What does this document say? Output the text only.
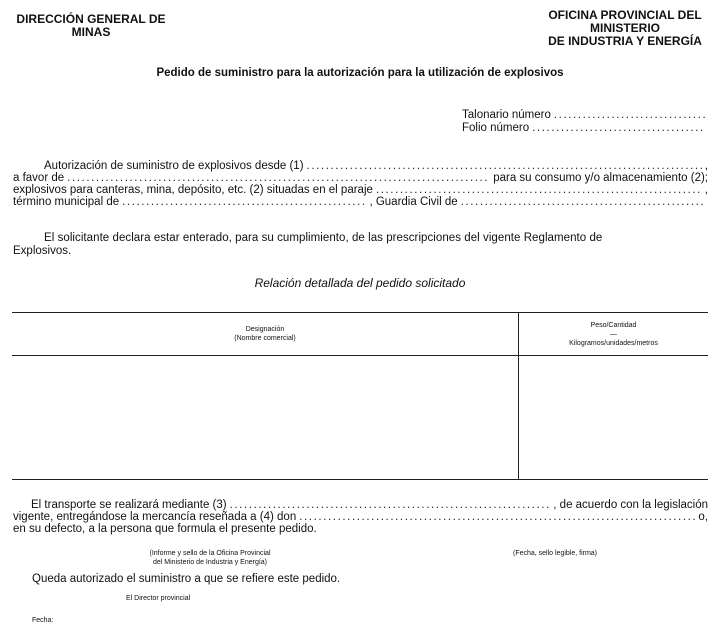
DIRECCIÓN GENERAL DE
MINAS
OFICINA PROVINCIAL DEL
MINISTERIO
DE INDUSTRIA Y ENERGÍA
Pedido de suministro para la autorización para la utilización de explosivos
Talonario número
.....
Folio número
.....
Autorización de suministro de explosivos desde (1) .....	,
a favor de .....	para su consumo y/o almacenamiento (2);
explosivos para canteras, mina, depósito, etc. (2) situadas en el paraje .....	,
término municipal de .....	, Guardia Civil de
.....
El solicitante declara estar enterado, para su cumplimiento, de las prescripciones del vigente Reglamento de
Explosivos.
Relación detallada del pedido solicitado
Designación
(Nombre comercial)
Peso/Cantidad
—
Kilogramos/unidades/metros
El transporte se realizará mediante (3) .....	, de acuerdo con la legislación
vigente, entregándose la mercancía reseñada a (4) don .....	o,
en su defecto, a la persona que formula el presente pedido.
(Informe y sello de la Oficina Provincial
del Ministerio de Industria y Energía)
(Fecha, sello legible, firma)
Queda autorizado el suministro a que se refiere este pedido.
El Director provincial
Fecha:
